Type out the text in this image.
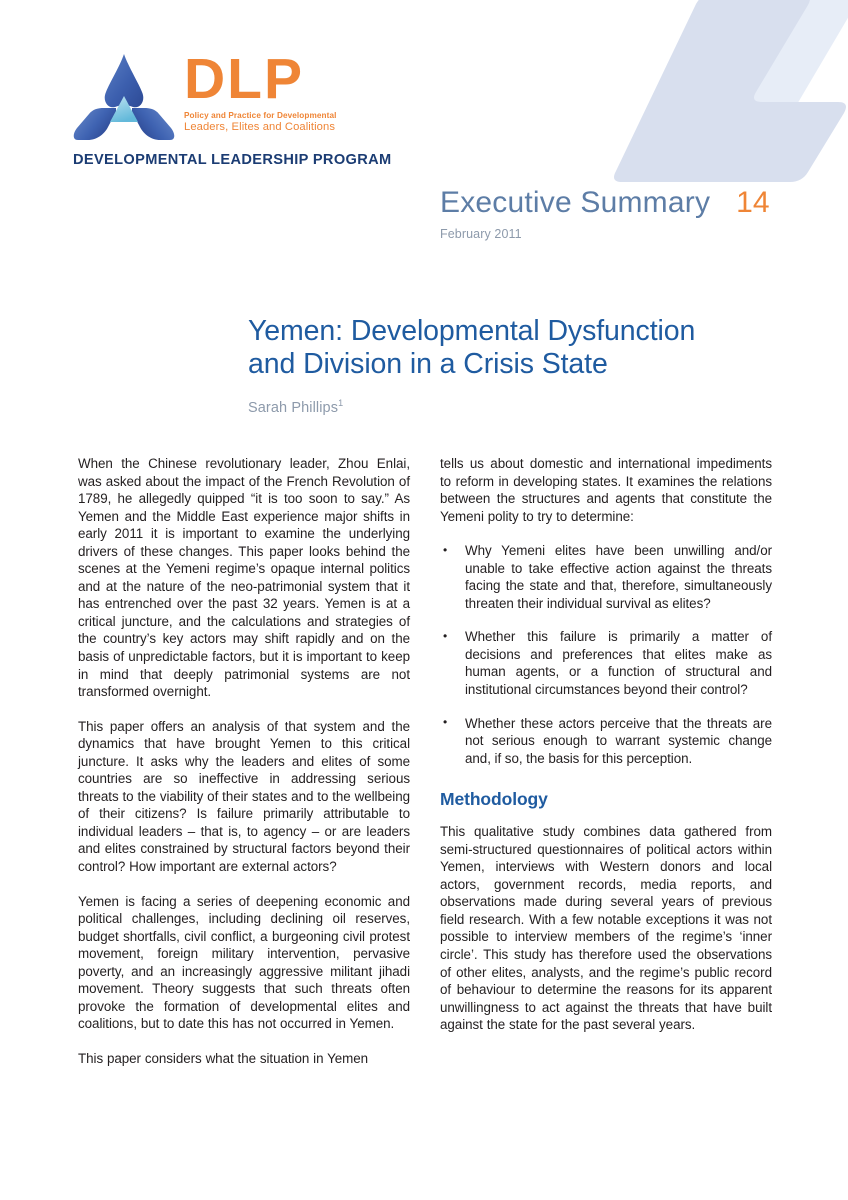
DLP
Policy and Practice for Developmental
Leaders, Elites and Coalitions
DEVELOPMENTAL LEADERSHIP PROGRAM
Executive Summary 14
February 2011
Yemen: Developmental Dysfunction
and Division in a Crisis State
Sarah Phillips$^1$

When the Chinese revolutionary leader, Zhou Enlai, was asked about the impact of the French Revolution of 1789, he allegedly quipped “it is too soon to say.” As Yemen and the Middle East experience major shifts in early 2011 it is important to examine the underlying drivers of these changes. This paper looks behind the scenes at the Yemeni regime’s opaque internal politics and at the nature of the neo-patrimonial system that it has entrenched over the past 32 years. Yemen is at a critical juncture, and the calculations and strategies of the country’s key actors may shift rapidly and on the basis of unpredictable factors, but it is important to keep in mind that deeply patrimonial systems are not transformed overnight.

This paper offers an analysis of that system and the dynamics that have brought Yemen to this critical juncture. It asks why the leaders and elites of some countries are so ineffective in addressing serious threats to the viability of their states and to the wellbeing of their citizens? Is failure primarily attributable to individual leaders – that is, to agency – or are leaders and elites constrained by structural factors beyond their control? How important are external actors?

Yemen is facing a series of deepening economic and political challenges, including declining oil reserves, budget shortfalls, civil conflict, a burgeoning civil protest movement, foreign military intervention, pervasive poverty, and an increasingly aggressive militant jihadi movement. Theory suggests that such threats often provoke the formation of developmental elites and coalitions, but to date this has not occurred in Yemen.

This paper considers what the situation in Yemen

tells us about domestic and international impediments to reform in developing states. It examines the relations between the structures and agents that constitute the Yemeni polity to try to determine:

• Why Yemeni elites have been unwilling and/or unable to take effective action against the threats facing the state and that, therefore, simultaneously threaten their individual survival as elites?
• Whether this failure is primarily a matter of decisions and preferences that elites make as human agents, or a function of structural and institutional circumstances beyond their control?
• Whether these actors perceive that the threats are not serious enough to warrant systemic change and, if so, the basis for this perception.
Methodology

This qualitative study combines data gathered from semi-structured questionnaires of political actors within Yemen, interviews with Western donors and local actors, government records, media reports, and observations made during several years of previous field research. With a few notable exceptions it was not possible to interview members of the regime’s ‘inner circle’. This study has therefore used the observations of other elites, analysts, and the regime’s public record of behaviour to determine the reasons for its apparent unwillingness to act against the threats that have built against the state for the past several years.
